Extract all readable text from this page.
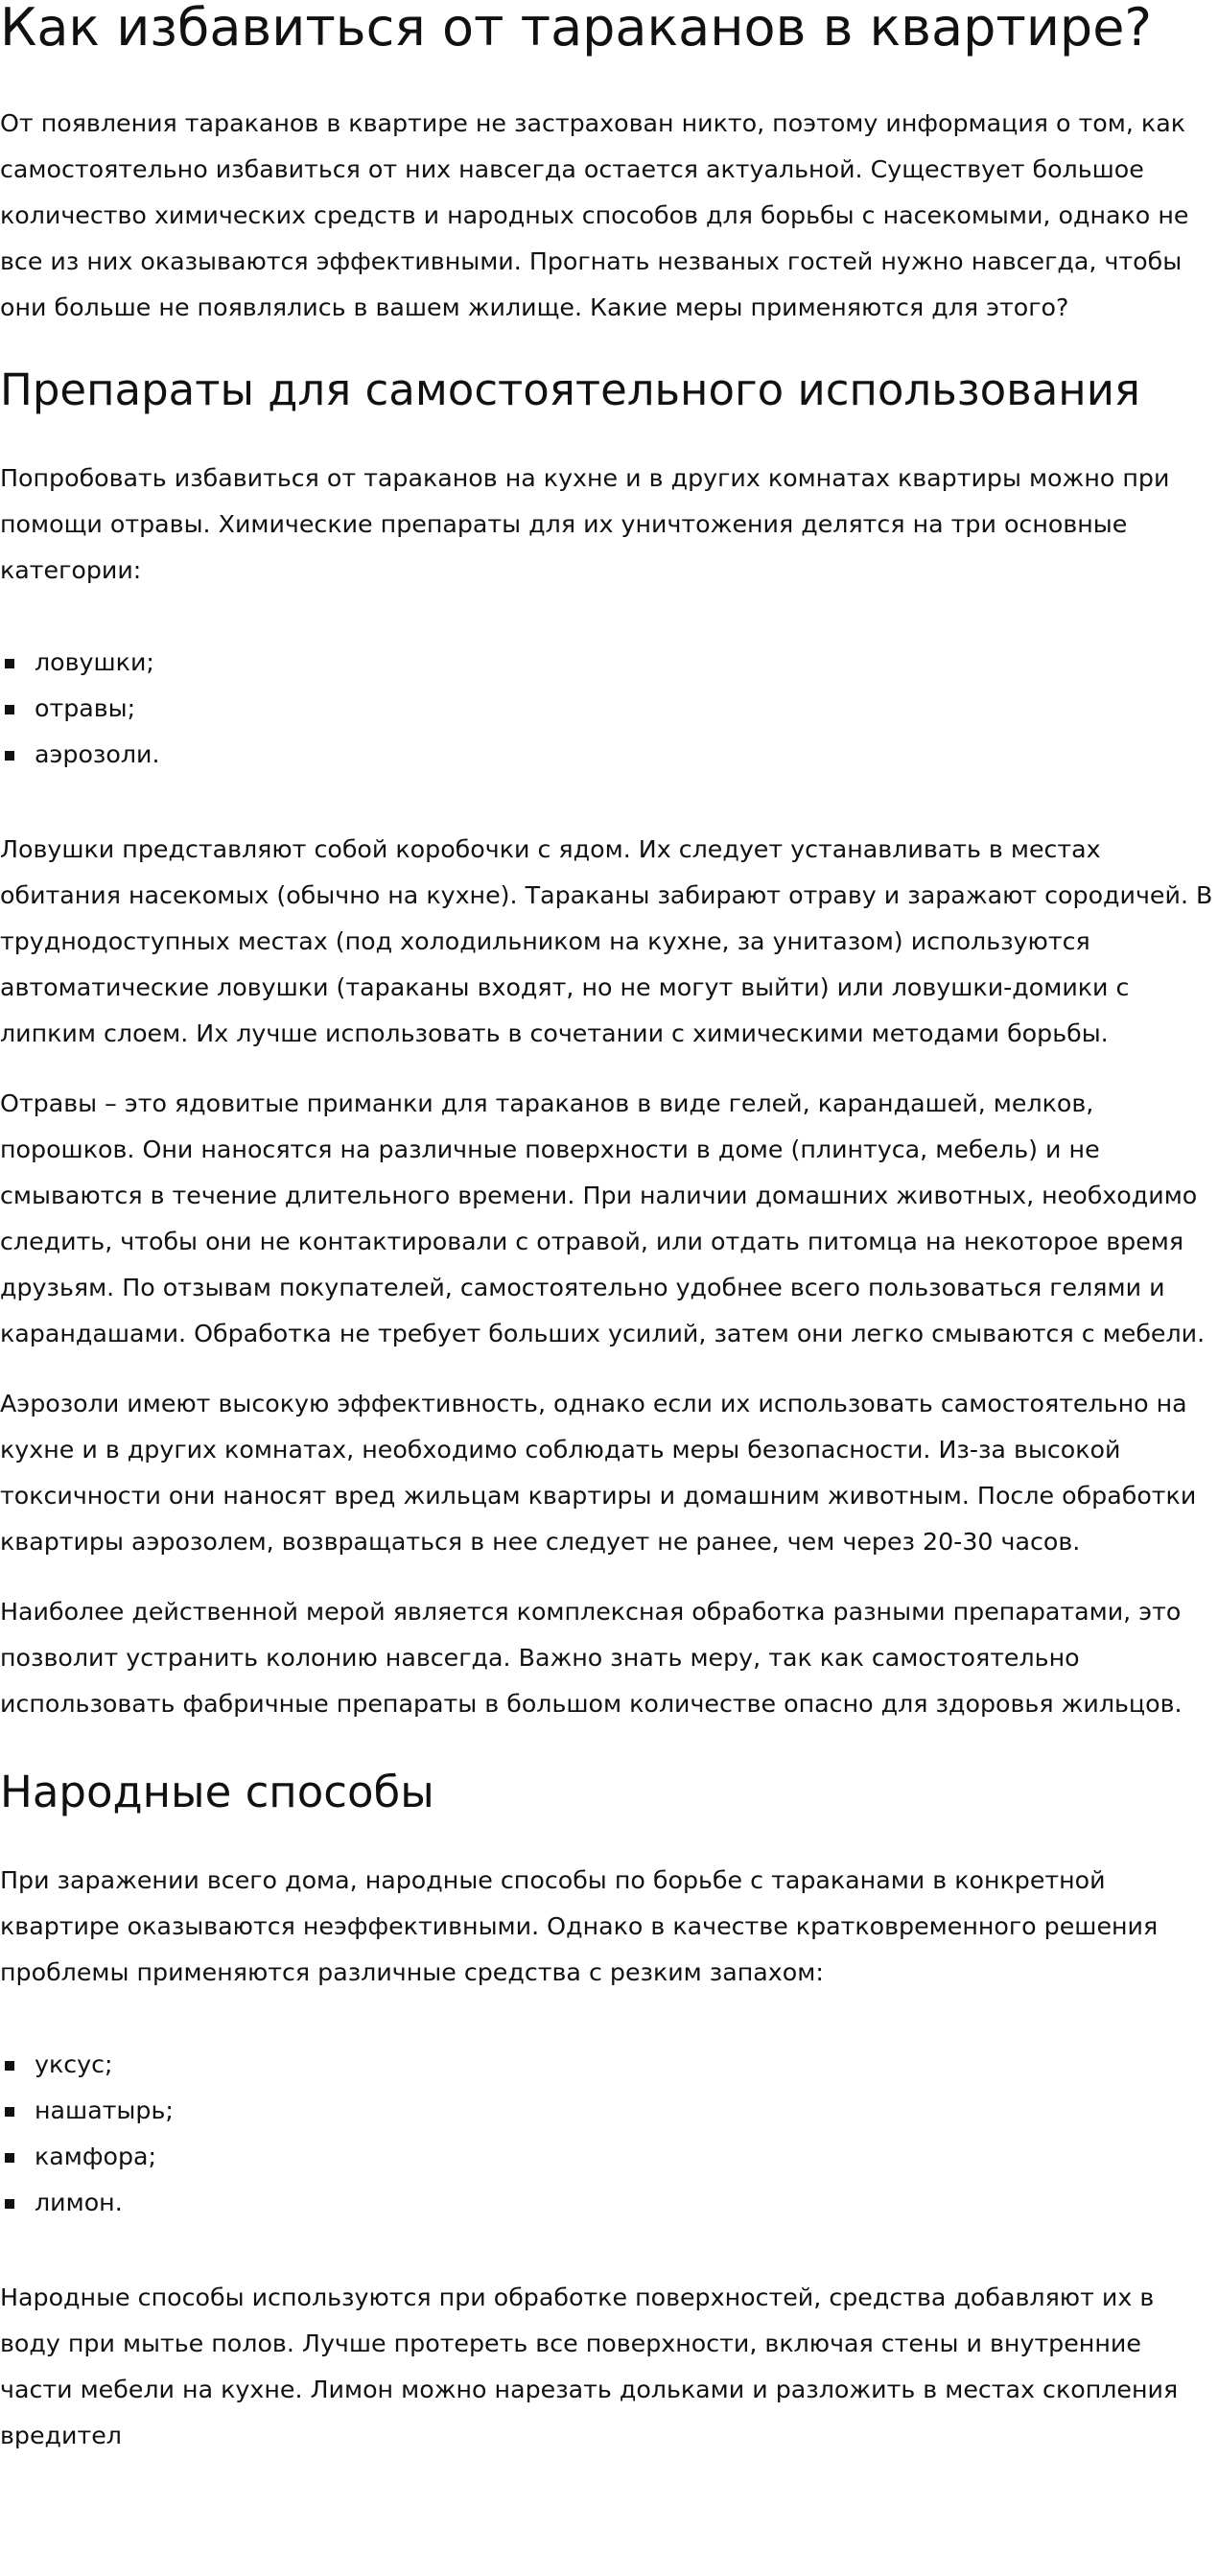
Как избавиться от тараканов в квартире?

От появления тараканов в квартире не застрахован никто, поэтому информация о том, как самостоятельно избавиться от них навсегда остается актуальной. Существует большое количество химических средств и народных способов для борьбы с насекомыми, однако не все из них оказываются эффективными. Прогнать незваных гостей нужно навсегда, чтобы они больше не появлялись в вашем жилище. Какие меры применяются для этого?

Препараты для самостоятельного использования

Попробовать избавиться от тараканов на кухне и в других комнатах квартиры можно при помощи отравы. Химические препараты для их уничтожения делятся на три основные категории:

ловушки;
отравы;
аэрозоли.

Ловушки представляют собой коробочки с ядом. Их следует устанавливать в местах обитания насекомых (обычно на кухне). Тараканы забирают отраву и заражают сородичей. В труднодоступных местах (под холодильником на кухне, за унитазом) используются автоматические ловушки (тараканы входят, но не могут выйти) или ловушки-домики с липким слоем. Их лучше использовать в сочетании с химическими методами борьбы.

Отравы – это ядовитые приманки для тараканов в виде гелей, карандашей, мелков, порошков. Они наносятся на различные поверхности в доме (плинтуса, мебель) и не смываются в течение длительного времени. При наличии домашних животных, необходимо следить, чтобы они не контактировали с отравой, или отдать питомца на некоторое время друзьям. По отзывам покупателей, самостоятельно удобнее всего пользоваться гелями и карандашами. Обработка не требует больших усилий, затем они легко смываются с мебели.

Аэрозоли имеют высокую эффективность, однако если их использовать самостоятельно на кухне и в других комнатах, необходимо соблюдать меры безопасности. Из-за высокой токсичности они наносят вред жильцам квартиры и домашним животным. После обработки квартиры аэрозолем, возвращаться в нее следует не ранее, чем через 20-30 часов.

Наиболее действенной мерой является комплексная обработка разными препаратами, это позволит устранить колонию навсегда. Важно знать меру, так как самостоятельно использовать фабричные препараты в большом количестве опасно для здоровья жильцов.

Народные способы

При заражении всего дома, народные способы по борьбе с тараканами в конкретной квартире оказываются неэффективными. Однако в качестве кратковременного решения проблемы применяются различные средства с резким запахом:

уксус;
нашатырь;
камфора;
лимон.

Народные способы используются при обработке поверхностей, средства добавляют их в воду при мытье полов. Лучше протереть все поверхности, включая стены и внутренние части мебели на кухне. Лимон можно нарезать дольками и разложить в местах скопления вредител
